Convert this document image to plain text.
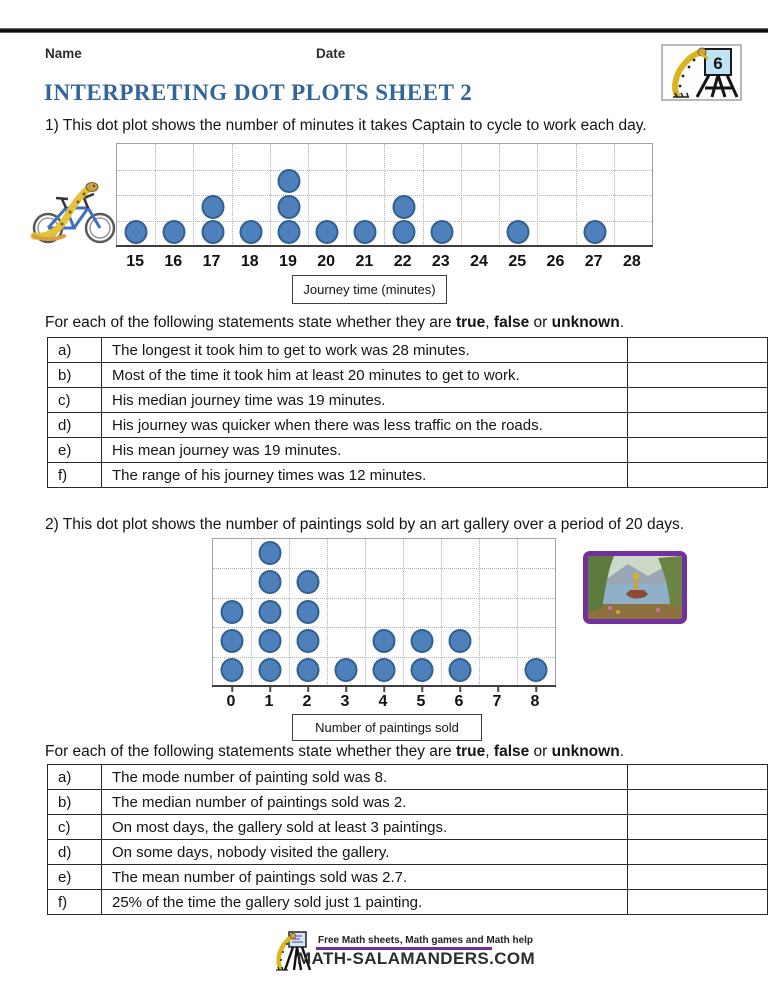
Name	Date
6
INTERPRETING DOT PLOTS SHEET 2
1) This dot plot shows the number of minutes it takes Captain to cycle to work each day.
15	16	17	18	19	20	21	22	23	24	25	26	27	28
Journey time (minutes)
For each of the following statements state whether they are true, false or unknown.
a)	The longest it took him to get to work was 28 minutes.	
b)	Most of the time it took him at least 20 minutes to get to work.	
c)	His median journey time was 19 minutes.	
d)	His journey was quicker when there was less traffic on the roads.	
e)	His mean journey was 19 minutes.	
f)	The range of his journey times was 12 minutes.	
2) This dot plot shows the number of paintings sold by an art gallery over a period of 20 days.
0	1	2	3	4	5	6	7	8
Number of paintings sold
For each of the following statements state whether they are true, false or unknown.
a)	The mode number of painting sold was 8.	
b)	The median number of paintings sold was 2.	
c)	On most days, the gallery sold at least 3 paintings.	
d)	On some days, nobody visited the gallery.	
e)	The mean number of paintings sold was 2.7.	
f)	25% of the time the gallery sold just 1 painting.	
Free Math sheets, Math games and Math help
MATH-SALAMANDERS.COM
